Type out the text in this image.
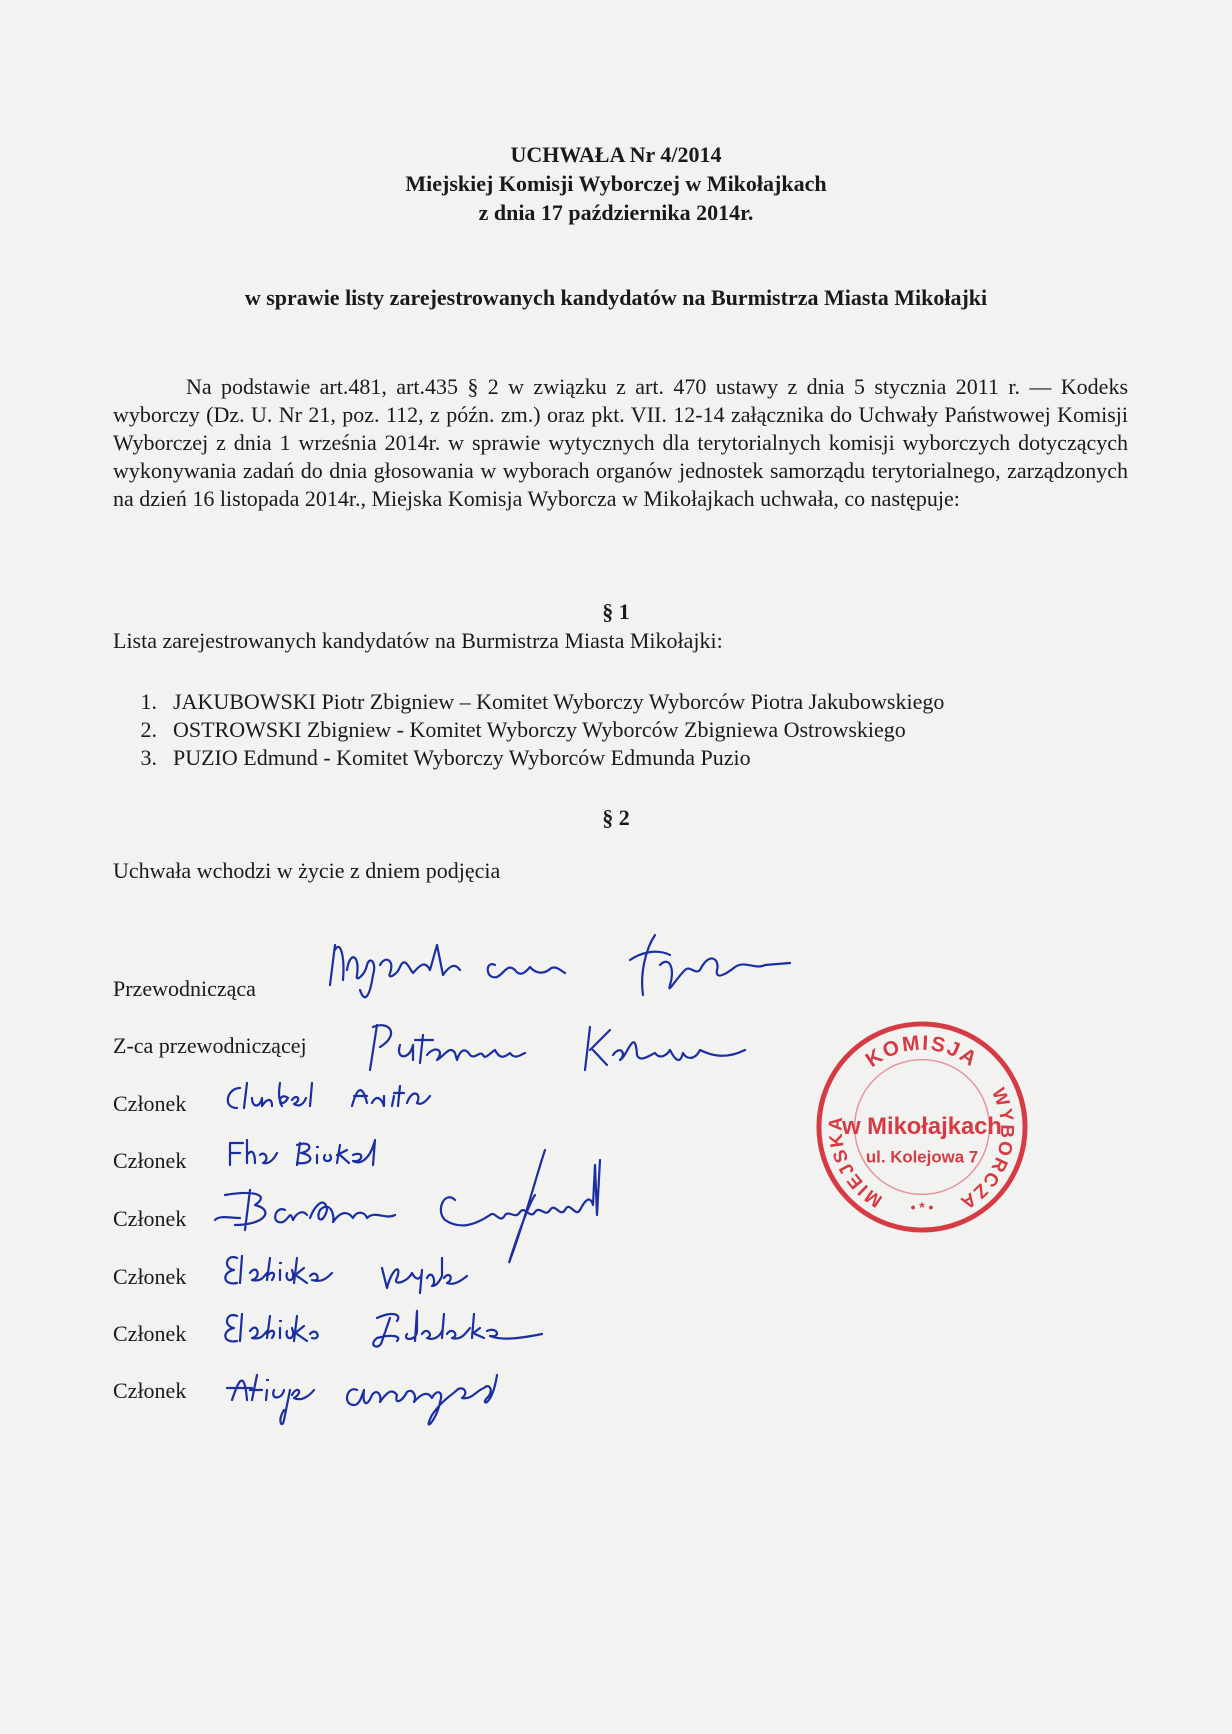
UCHWAŁA Nr 4/2014
Miejskiej Komisji Wyborczej w Mikołajkach
z dnia 17 października 2014r.
w sprawie listy zarejestrowanych kandydatów na Burmistrza Miasta Mikołajki
Na podstawie art.481, art.435 § 2 w związku z art. 470 ustawy z dnia 5 stycznia 2011 r. — Kodeks wyborczy (Dz. U. Nr 21, poz. 112, z późn. zm.) oraz pkt. VII. 12-14 załącznika do Uchwały Państwowej Komisji Wyborczej z dnia 1 września 2014r. w sprawie wytycznych dla terytorialnych komisji wyborczych dotyczących wykonywania zadań do dnia głosowania w wyborach organów jednostek samorządu terytorialnego, zarządzonych na dzień 16 listopada 2014r., Miejska Komisja Wyborcza w Mikołajkach uchwała, co następuje:
§ 1
Lista zarejestrowanych kandydatów na Burmistrza Miasta Mikołajki:
1. JAKUBOWSKI Piotr Zbigniew – Komitet Wyborczy Wyborców Piotra Jakubowskiego
2. OSTROWSKI Zbigniew - Komitet Wyborczy Wyborców Zbigniewa Ostrowskiego
3. PUZIO Edmund - Komitet Wyborczy Wyborców Edmunda Puzio
§ 2
Uchwała wchodzi w życie z dniem podjęcia
Przewodnicząca
Z-ca przewodniczącej
Członek
Członek
Członek
Członek
Członek
Członek
KOMISJA
MIEJSKA
WYBORCZA
w Mikołajkach
ul. Kolejowa 7
• * •
